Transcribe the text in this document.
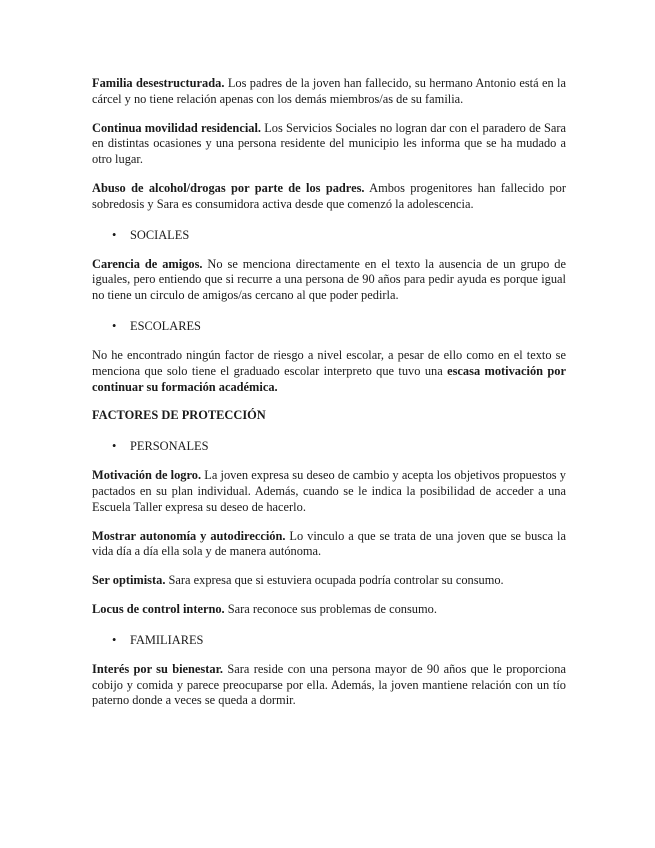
Familia desestructurada. Los padres de la joven han fallecido, su hermano Antonio está en la cárcel y no tiene relación apenas con los demás miembros/as de su familia.

Continua movilidad residencial. Los Servicios Sociales no logran dar con el paradero de Sara en distintas ocasiones y una persona residente del municipio les informa que se ha mudado a otro lugar.

Abuso de alcohol/drogas por parte de los padres. Ambos progenitores han fallecido por sobredosis y Sara es consumidora activa desde que comenzó la adolescencia.

•	SOCIALES

Carencia de amigos. No se menciona directamente en el texto la ausencia de un grupo de iguales, pero entiendo que si recurre a una persona de 90 años para pedir ayuda es porque igual no tiene un circulo de amigos/as cercano al que poder pedirla.

•	ESCOLARES

No he encontrado ningún factor de riesgo a nivel escolar, a pesar de ello como en el texto se menciona que solo tiene el graduado escolar interpreto que tuvo una escasa motivación por continuar su formación académica.

FACTORES DE PROTECCIÓN

•	PERSONALES

Motivación de logro. La joven expresa su deseo de cambio y acepta los objetivos propuestos y pactados en su plan individual. Además, cuando se le indica la posibilidad de acceder a una Escuela Taller expresa su deseo de hacerlo.

Mostrar autonomía y autodirección. Lo vinculo a que se trata de una joven que se busca la vida día a día ella sola y de manera autónoma.

Ser optimista. Sara expresa que si estuviera ocupada podría controlar su consumo.

Locus de control interno. Sara reconoce sus problemas de consumo.

•	FAMILIARES

Interés por su bienestar. Sara reside con una persona mayor de 90 años que le proporciona cobijo y comida y parece preocuparse por ella. Además, la joven mantiene relación con un tío paterno donde a veces se queda a dormir.
